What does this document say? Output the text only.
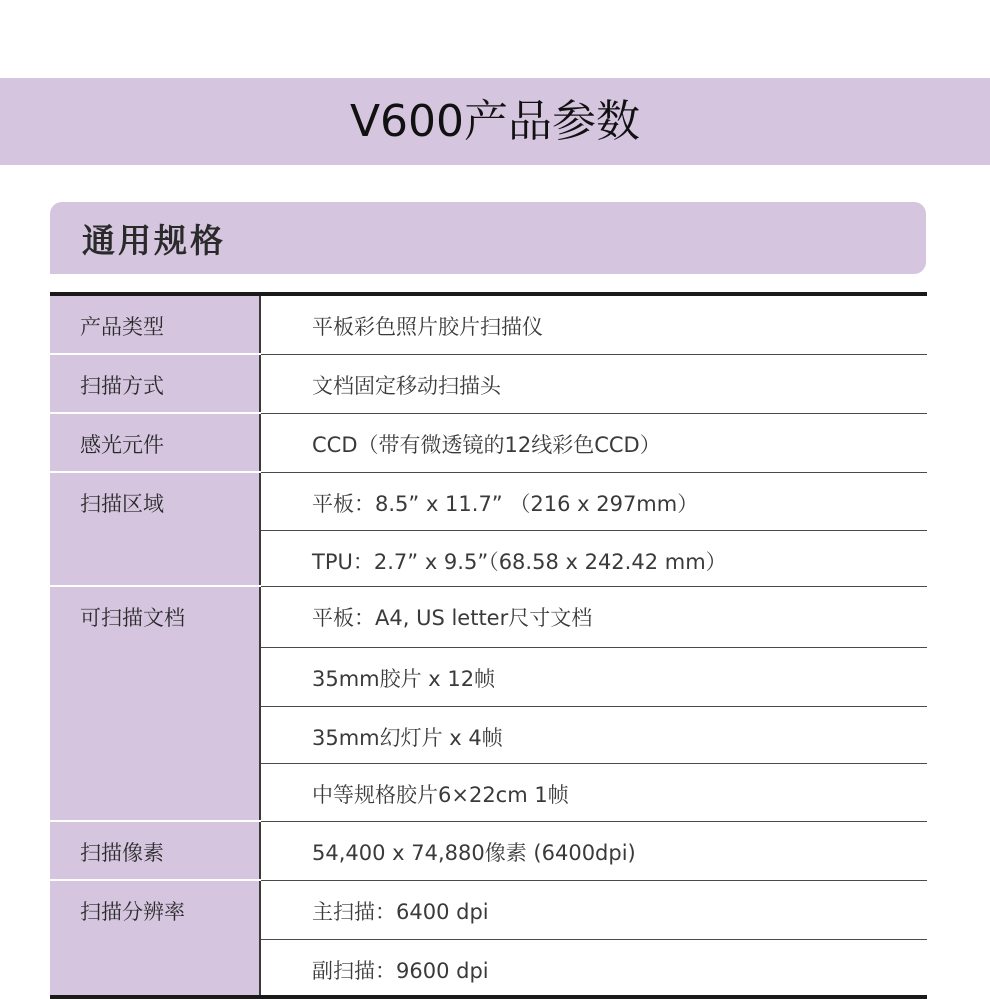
V600产品参数
通用规格
产品类型	平板彩色照片胶片扫描仪
扫描方式	文档固定移动扫描头
感光元件	CCD（带有微透镜的12线彩色CCD）
扫描区域	平板：8.5” x 11.7” （216 x 297mm）
	TPU：2.7” x 9.5”（68.58 x 242.42 mm）
可扫描文档	平板：A4, US letter尺寸文档
	35mm胶片 x 12帧
	35mm幻灯片 x 4帧
	中等规格胶片6×22cm 1帧
扫描像素	54,400 x 74,880像素 (6400dpi)
扫描分辨率	主扫描：6400 dpi
	副扫描：9600 dpi
